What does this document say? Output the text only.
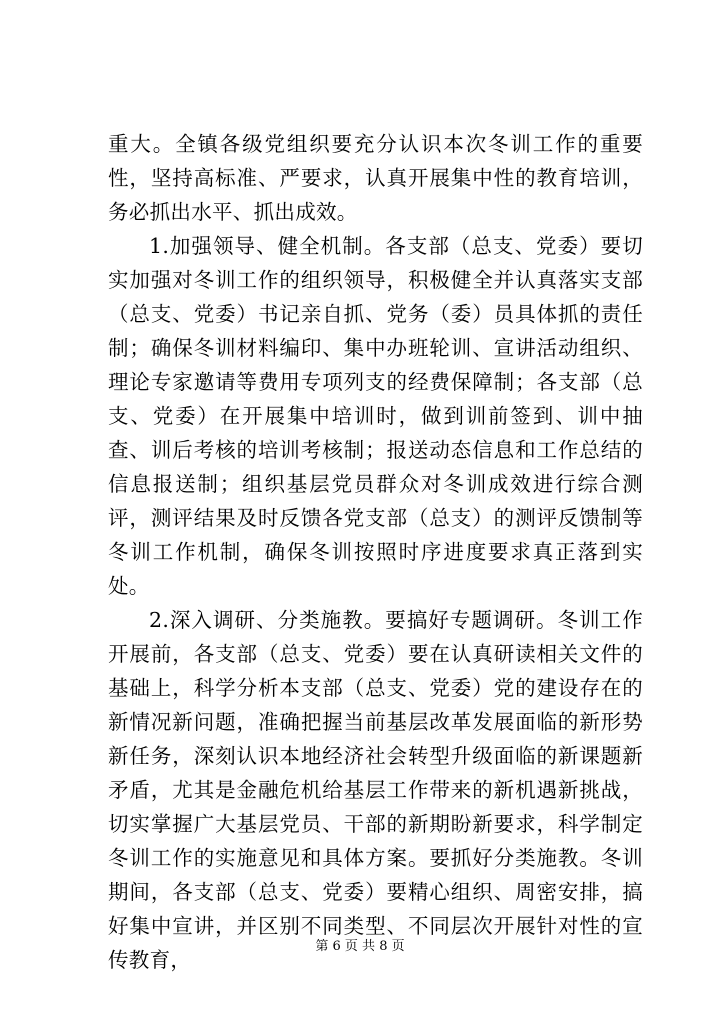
重大。全镇各级党组织要充分认识本次冬训工作的重要性，坚持高标准、严要求，认真开展集中性的教育培训，务必抓出水平、抓出成效。

1.加强领导、健全机制。各支部（总支、党委）要切实加强对冬训工作的组织领导，积极健全并认真落实支部（总支、党委）书记亲自抓、党务（委）员具体抓的责任制；确保冬训材料编印、集中办班轮训、宣讲活动组织、理论专家邀请等费用专项列支的经费保障制；各支部（总支、党委）在开展集中培训时，做到训前签到、训中抽查、训后考核的培训考核制；报送动态信息和工作总结的信息报送制；组织基层党员群众对冬训成效进行综合测评，测评结果及时反馈各党支部（总支）的测评反馈制等冬训工作机制，确保冬训按照时序进度要求真正落到实处。

2.深入调研、分类施教。要搞好专题调研。冬训工作开展前，各支部（总支、党委）要在认真研读相关文件的基础上，科学分析本支部（总支、党委）党的建设存在的新情况新问题，准确把握当前基层改革发展面临的新形势新任务，深刻认识本地经济社会转型升级面临的新课题新矛盾，尤其是金融危机给基层工作带来的新机遇新挑战，切实掌握广大基层党员、干部的新期盼新要求，科学制定冬训工作的实施意见和具体方案。要抓好分类施教。冬训期间，各支部（总支、党委）要精心组织、周密安排，搞好集中宣讲，并区别不同类型、不同层次开展针对性的宣传教育，

第 6 页 共 8 页
